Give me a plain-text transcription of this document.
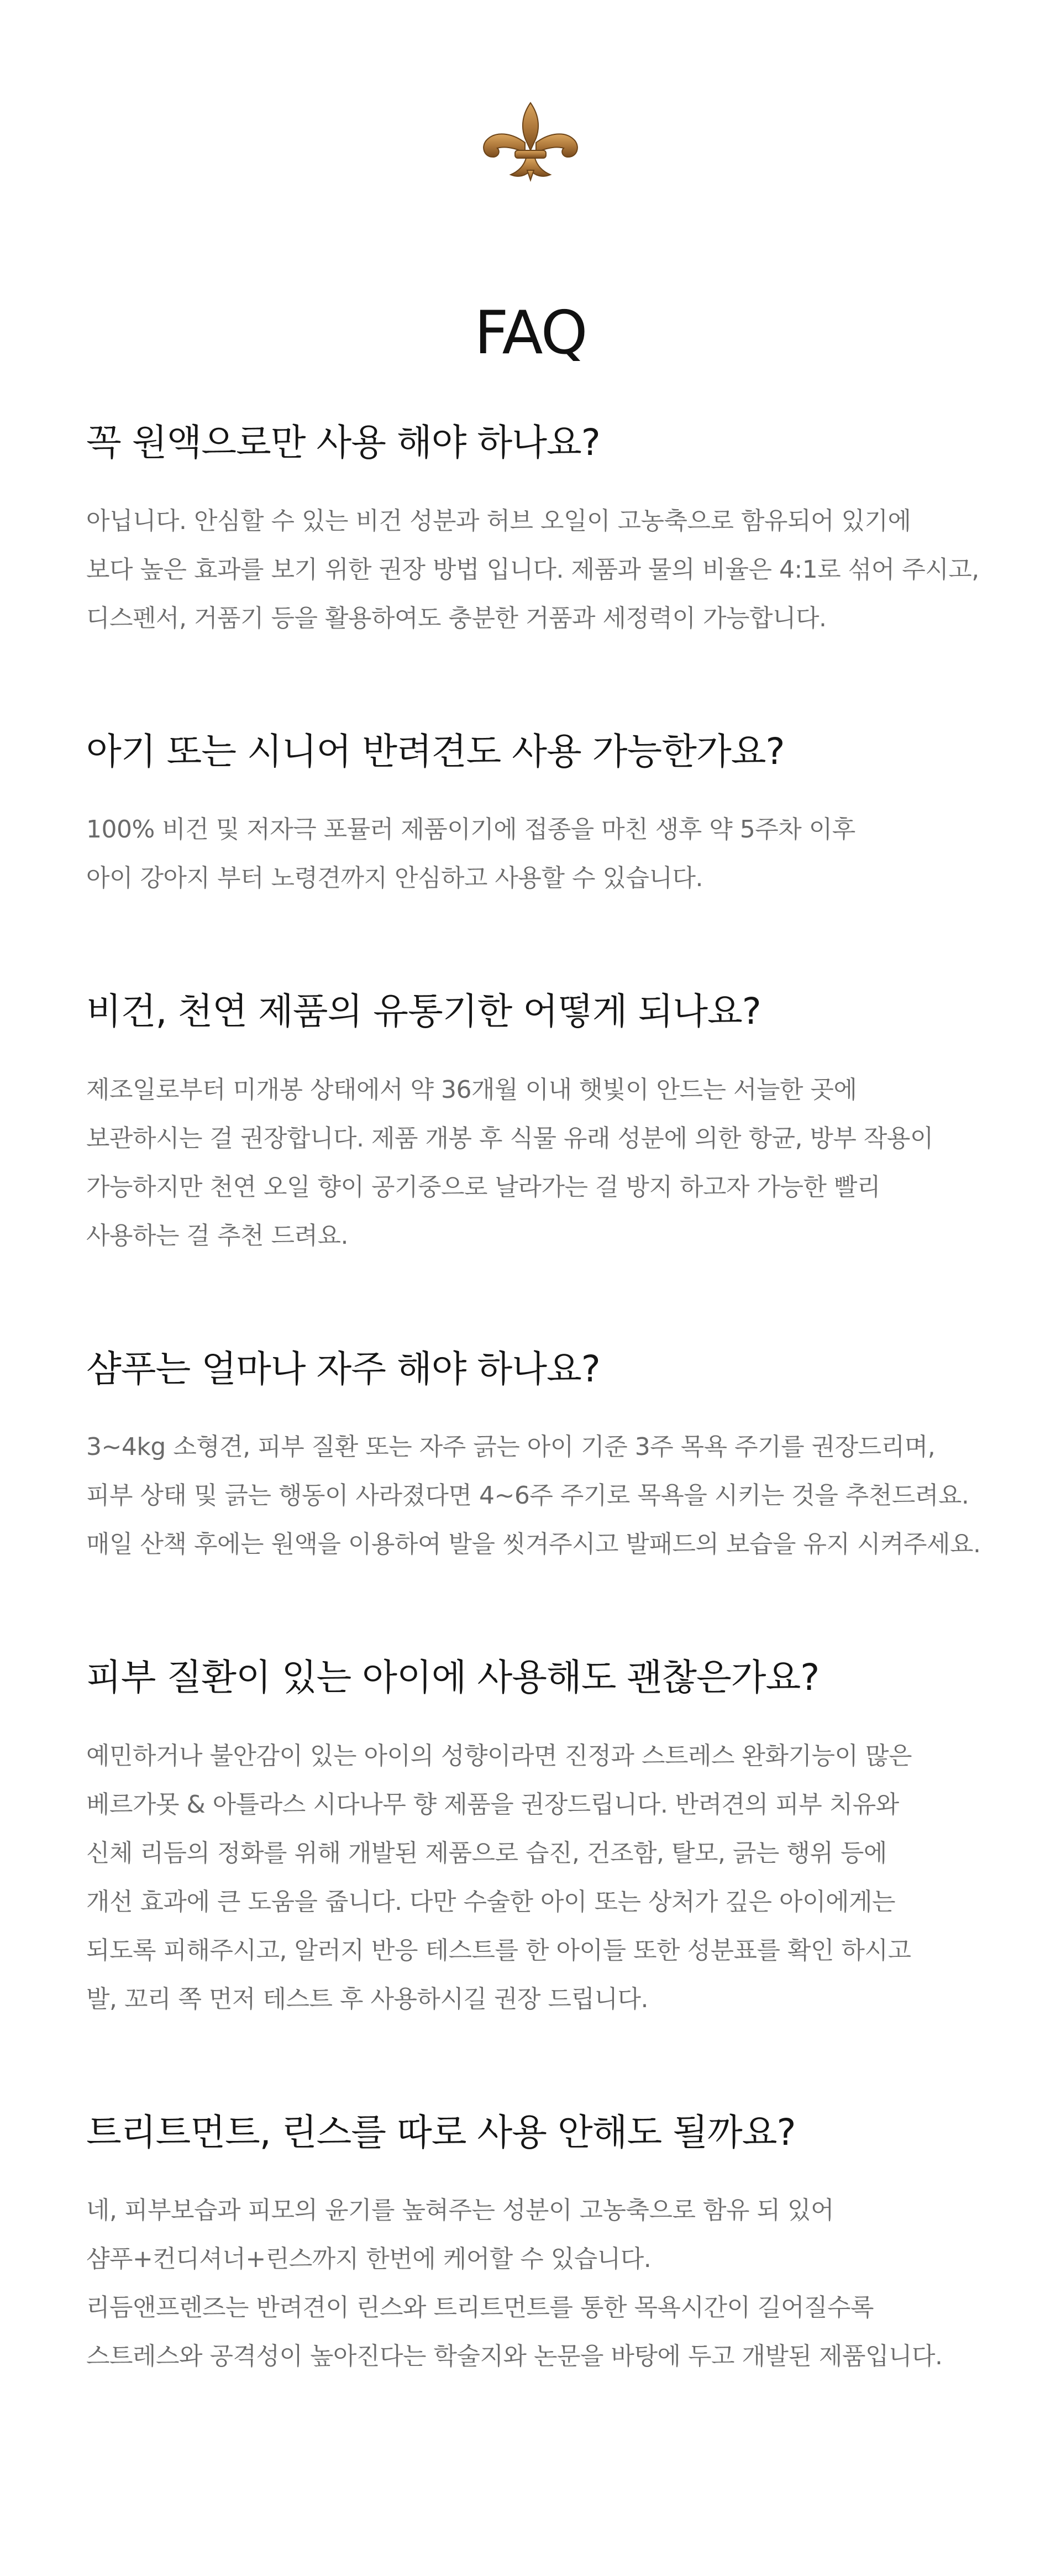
FAQ
꼭 원액으로만 사용 해야 하나요?
아닙니다. 안심할 수 있는 비건 성분과 허브 오일이 고농축으로 함유되어 있기에
보다 높은 효과를 보기 위한 권장 방법 입니다. 제품과 물의 비율은 4:1로 섞어 주시고,
디스펜서, 거품기 등을 활용하여도 충분한 거품과 세정력이 가능합니다.
아기 또는 시니어 반려견도 사용 가능한가요?
100% 비건 및 저자극 포뮬러 제품이기에 접종을 마친 생후 약 5주차 이후
아이 강아지 부터 노령견까지 안심하고 사용할 수 있습니다.
비건, 천연 제품의 유통기한 어떻게 되나요?
제조일로부터 미개봉 상태에서 약 36개월 이내 햇빛이 안드는 서늘한 곳에
보관하시는 걸 권장합니다. 제품 개봉 후 식물 유래 성분에 의한 항균, 방부 작용이
가능하지만 천연 오일 향이 공기중으로 날라가는 걸 방지 하고자 가능한 빨리
사용하는 걸 추천 드려요.
샴푸는 얼마나 자주 해야 하나요?
3~4kg 소형견, 피부 질환 또는 자주 긁는 아이 기준 3주 목욕 주기를 권장드리며,
피부 상태 및 긁는 행동이 사라졌다면 4~6주 주기로 목욕을 시키는 것을 추천드려요.
매일 산책 후에는 원액을 이용하여 발을 씻겨주시고 발패드의 보습을 유지 시켜주세요.
피부 질환이 있는 아이에 사용해도 괜찮은가요?
예민하거나 불안감이 있는 아이의 성향이라면 진정과 스트레스 완화기능이 많은
베르가못 & 아틀라스 시다나무 향 제품을 권장드립니다. 반려견의 피부 치유와
신체 리듬의 정화를 위해 개발된 제품으로 습진, 건조함, 탈모, 긁는 행위 등에
개선 효과에 큰 도움을 줍니다. 다만 수술한 아이 또는 상처가 깊은 아이에게는
되도록 피해주시고, 알러지 반응 테스트를 한 아이들 또한 성분표를 확인 하시고
발, 꼬리 쪽 먼저 테스트 후 사용하시길 권장 드립니다.
트리트먼트, 린스를 따로 사용 안해도 될까요?
네, 피부보습과 피모의 윤기를 높혀주는 성분이 고농축으로 함유 되 있어
샴푸+컨디셔너+린스까지 한번에 케어할 수 있습니다.
리듬앤프렌즈는 반려견이 린스와 트리트먼트를 통한 목욕시간이 길어질수록
스트레스와 공격성이 높아진다는 학술지와 논문을 바탕에 두고 개발된 제품입니다.
